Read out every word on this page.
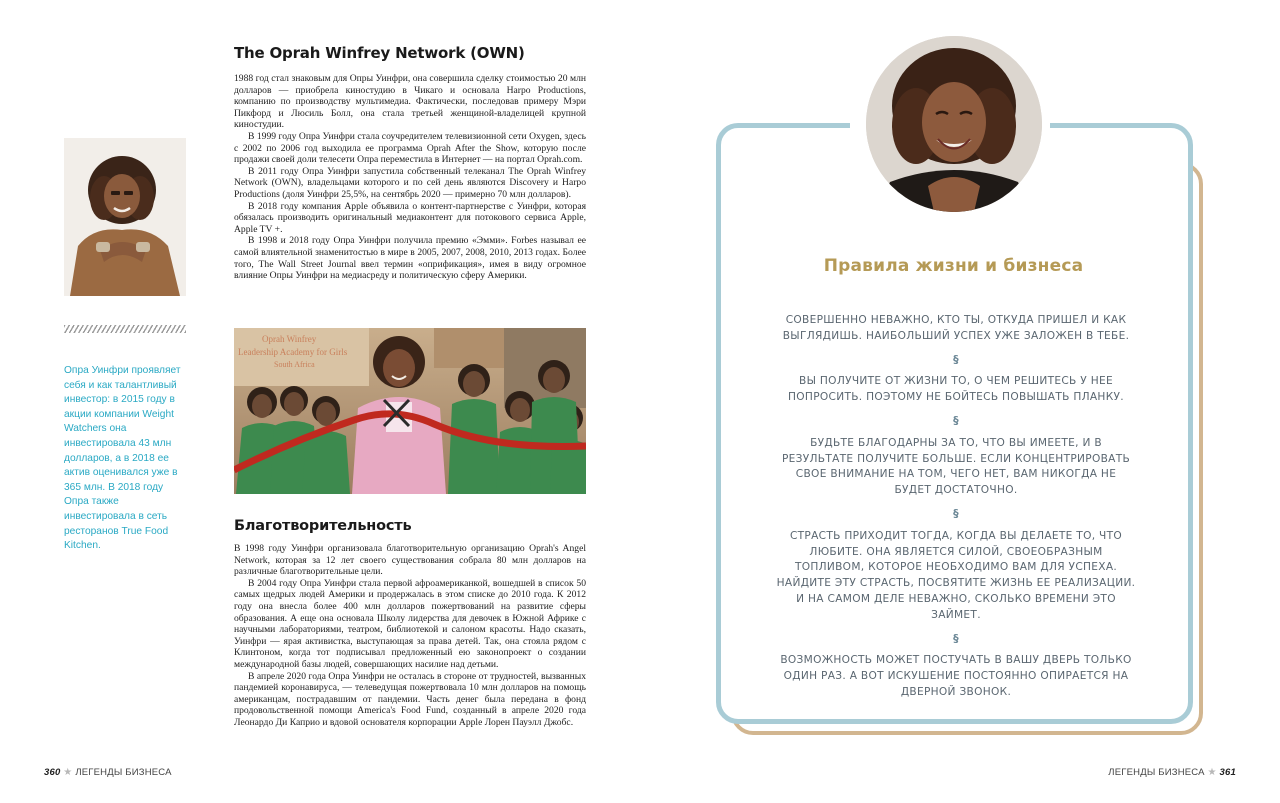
The Oprah Winfrey Network (OWN)

1988 год стал знаковым для Опры Уинфри, она совершила сделку стоимостью 20 млн долларов — приобрела киностудию в Чикаго и основала Harpo Productions, компанию по производству мультимедиа. Фактически, последовав примеру Мэри Пикфорд и Люсиль Болл, она стала третьей женщиной-владелицей крупной киностудии.

В 1999 году Опра Уинфри стала соучредителем телевизионной сети Oxygen, здесь с 2002 по 2006 год выходила ее программа Oprah After the Show, которую после продажи своей доли телесети Опра переместила в Интернет — на портал Oprah.com.

В 2011 году Опра Уинфри запустила собственный телеканал The Oprah Winfrey Network (OWN), владельцами которого и по сей день являются Discovery и Harpo Productions (доля Уинфри 25,5%, на сентябрь 2020 — примерно 70 млн долларов).

В 2018 году компания Apple объявила о контент-партнерстве с Уинфри, которая обязалась производить оригинальный медиаконтент для потокового сервиса Apple, Apple TV +.

В 1998 и 2018 году Опра Уинфри получила премию «Эмми». Forbes называл ее самой влиятельной знаменитостью в мире в 2005, 2007, 2008, 2010, 2013 годах. Более того, The Wall Street Journal ввел термин «опрификация», имея в виду огромное влияние Опры Уинфри на медиасреду и политическую сферу Америки.

Опра Уинфри проявляет себя и как талантливый инвестор: в 2015 году в акции компании Weight Watchers она инвестировала 43 млн долларов, а в 2018 ее актив оценивался уже в 365 млн. В 2018 году Опра также инвестировала в сеть ресторанов True Food Kitchen.
Oprah Winfrey
Leadership Academy for Girls
South Africa
Благотворительность

В 1998 году Уинфри организовала благотворительную организацию Oprah's Angel Network, которая за 12 лет своего существования собрала 80 млн долларов на различные благотворительные цели.

В 2004 году Опра Уинфри стала первой афроамериканкой, вошедшей в список 50 самых щедрых людей Америки и продержалась в этом списке до 2010 года. К 2012 году она внесла более 400 млн долларов пожертвований на развитие сферы образования. А еще она основала Школу лидерства для девочек в Южной Африке с научными лабораториями, театром, библиотекой и салоном красоты. Надо сказать, Уинфри — ярая активистка, выступающая за права детей. Так, она стояла рядом с Клинтоном, когда тот подписывал предложенный ею законопроект о создании международной базы людей, совершающих насилие над детьми.

В апреле 2020 года Опра Уинфри не осталась в стороне от трудностей, вызванных пандемией коронавируса, — телеведущая пожертвовала 10 млн долларов на помощь американцам, пострадавшим от пандемии. Часть денег была передана в фонд продовольственной помощи America's Food Fund, созданный в апреле 2020 года Леонардо Ди Каприо и вдовой основателя корпорации Apple Лорен Пауэлл Джобс.

360 ★ ЛЕГЕНДЫ БИЗНЕСА
Правила жизни и бизнеса

СОВЕРШЕННО НЕВАЖНО, КТО ТЫ, ОТКУДА ПРИШЕЛ И КАК ВЫГЛЯДИШЬ. НАИБОЛЬШИЙ УСПЕХ УЖЕ ЗАЛОЖЕН В ТЕБЕ.

§

ВЫ ПОЛУЧИТЕ ОТ ЖИЗНИ ТО, О ЧЕМ РЕШИТЕСЬ У НЕЕ ПОПРОСИТЬ. ПОЭТОМУ НЕ БОЙТЕСЬ ПОВЫШАТЬ ПЛАНКУ.

§

БУДЬТЕ БЛАГОДАРНЫ ЗА ТО, ЧТО ВЫ ИМЕЕТЕ, И В РЕЗУЛЬТАТЕ ПОЛУЧИТЕ БОЛЬШЕ. ЕСЛИ КОНЦЕНТРИРОВАТЬ СВОЕ ВНИМАНИЕ НА ТОМ, ЧЕГО НЕТ, ВАМ НИКОГДА НЕ БУДЕТ ДОСТАТОЧНО.

§

СТРАСТЬ ПРИХОДИТ ТОГДА, КОГДА ВЫ ДЕЛАЕТЕ ТО, ЧТО ЛЮБИТЕ. ОНА ЯВЛЯЕТСЯ СИЛОЙ, СВОЕОБРАЗНЫМ ТОПЛИВОМ, КОТОРОЕ НЕОБХОДИМО ВАМ ДЛЯ УСПЕХА. НАЙДИТЕ ЭТУ СТРАСТЬ, ПОСВЯТИТЕ ЖИЗНЬ ЕЕ РЕАЛИЗАЦИИ. И НА САМОМ ДЕЛЕ НЕВАЖНО, СКОЛЬКО ВРЕМЕНИ ЭТО ЗАЙМЕТ.

§

ВОЗМОЖНОСТЬ МОЖЕТ ПОСТУЧАТЬ В ВАШУ ДВЕРЬ ТОЛЬКО ОДИН РАЗ. А ВОТ ИСКУШЕНИЕ ПОСТОЯННО ОПИРАЕТСЯ НА ДВЕРНОЙ ЗВОНОК.

ЛЕГЕНДЫ БИЗНЕСА ★ 361
